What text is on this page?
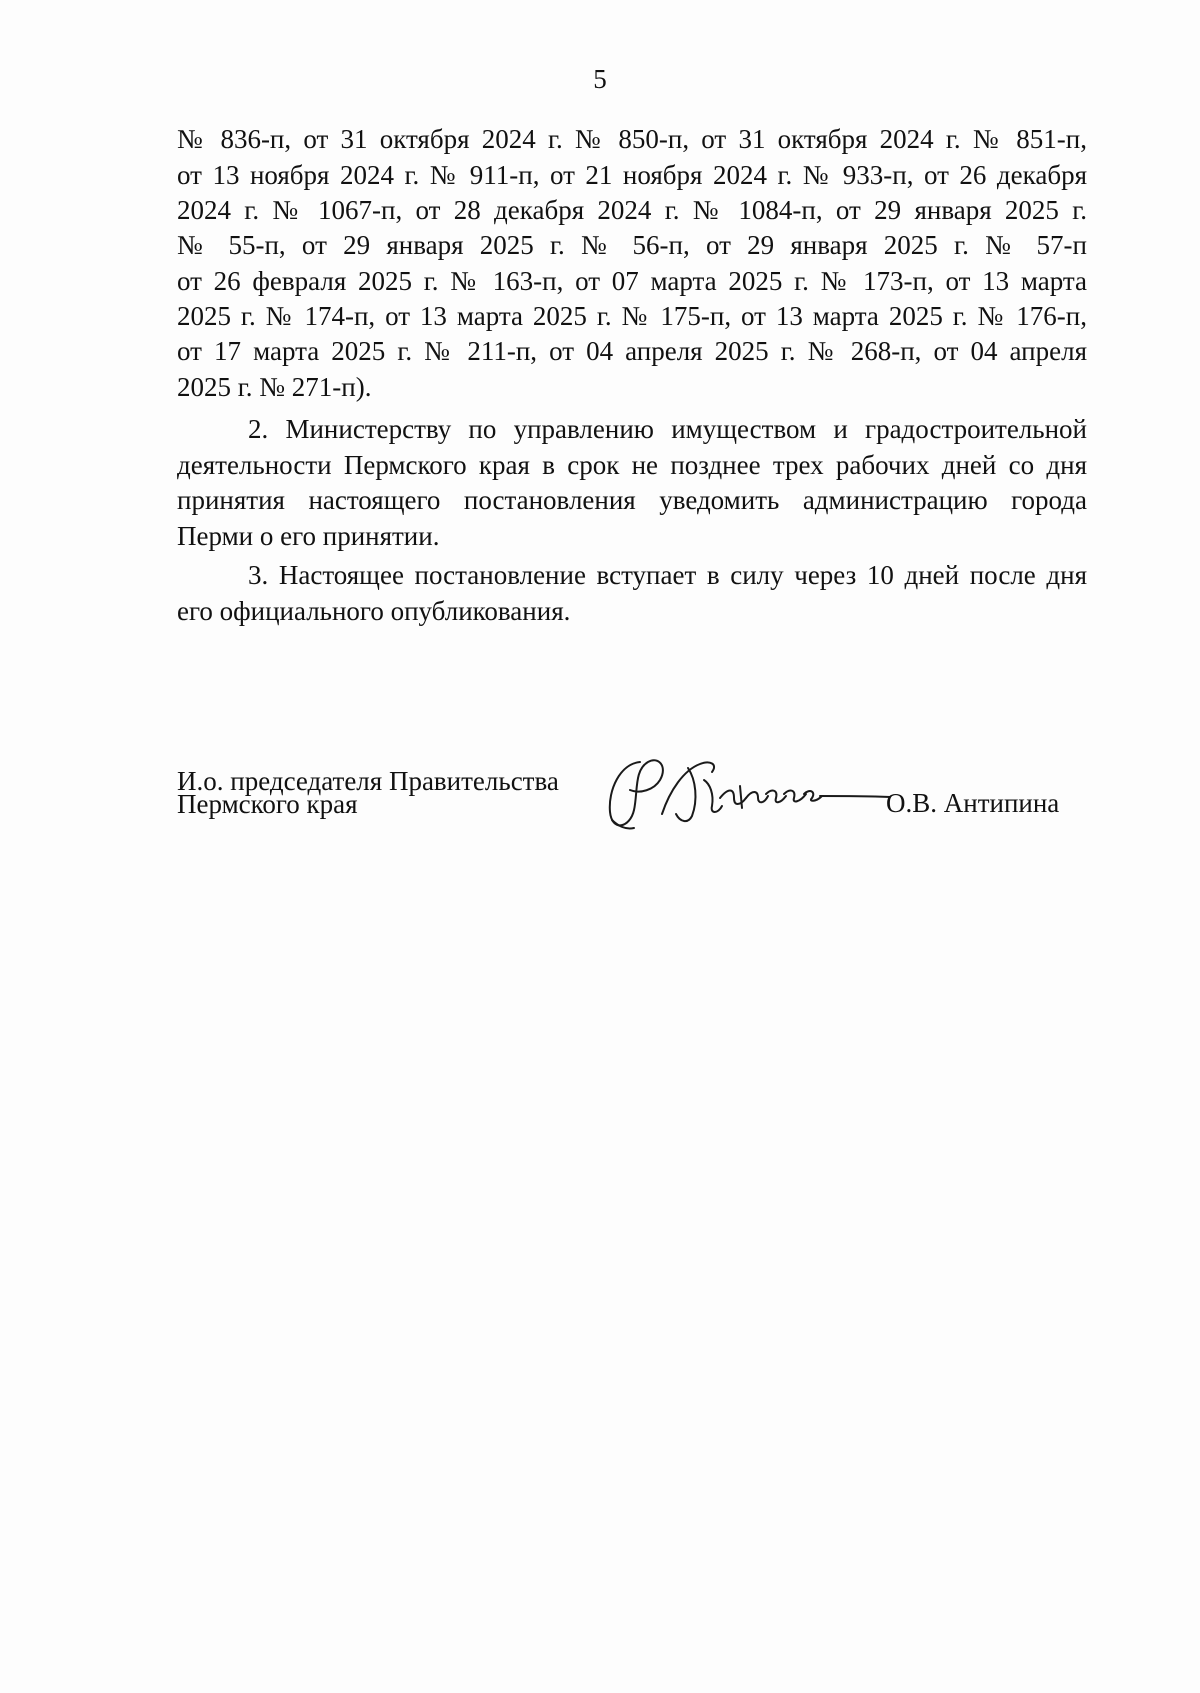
5
№ 836-п, от 31 октября 2024 г. № 850-п, от 31 октября 2024 г. № 851-п,
от 13 ноября 2024 г. № 911-п, от 21 ноября 2024 г. № 933-п, от 26 декабря
2024 г. № 1067-п, от 28 декабря 2024 г. № 1084-п, от 29 января 2025 г.
№ 55-п, от 29 января 2025 г. № 56-п, от 29 января 2025 г. № 57-п
от 26 февраля 2025 г. № 163-п, от 07 марта 2025 г. № 173-п, от 13 марта
2025 г. № 174-п, от 13 марта 2025 г. № 175-п, от 13 марта 2025 г. № 176-п,
от 17 марта 2025 г. № 211-п, от 04 апреля 2025 г. № 268-п, от 04 апреля
2025 г. № 271-п).
2. Министерству по управлению имуществом и градостроительной
деятельности Пермского края в срок не позднее трех рабочих дней со дня
принятия настоящего постановления уведомить администрацию города
Перми о его принятии.
3. Настоящее постановление вступает в силу через 10 дней после дня
его официального опубликования.
И.о. председателя Правительства
Пермского края	О.В. Антипина
